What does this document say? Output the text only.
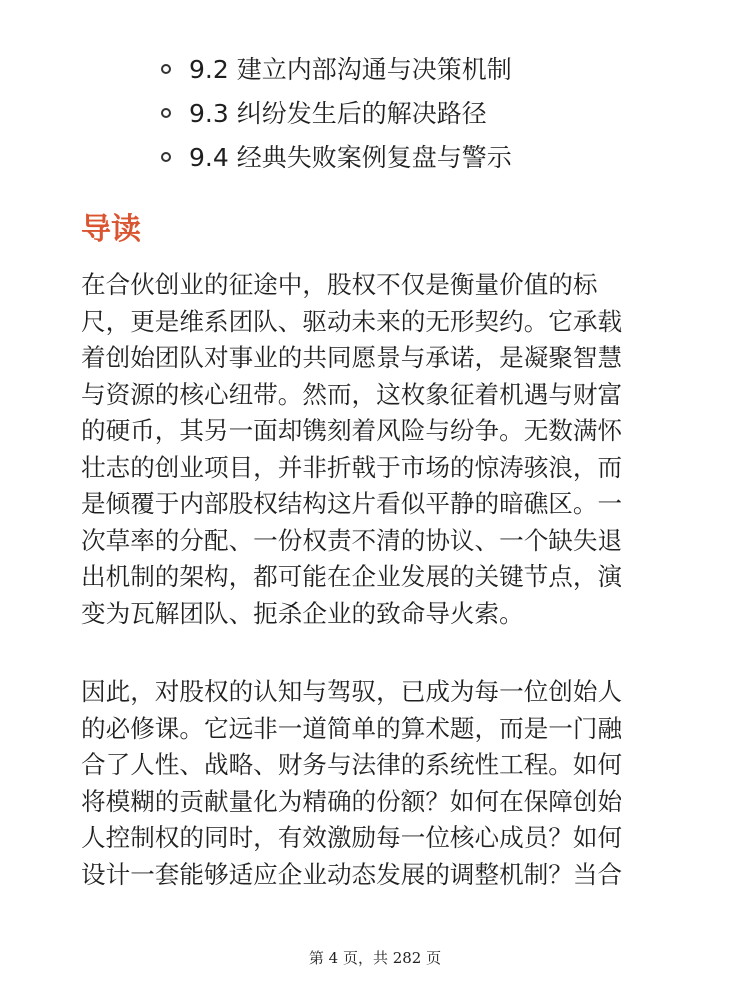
9.2 建立内部沟通与决策机制
9.3 纠纷发生后的解决路径
9.4 经典失败案例复盘与警示
导读
在合伙创业的征途中，股权不仅是衡量价值的标
尺，更是维系团队、驱动未来的无形契约。它承载
着创始团队对事业的共同愿景与承诺，是凝聚智慧
与资源的核心纽带。然而，这枚象征着机遇与财富
的硬币，其另一面却镌刻着风险与纷争。无数满怀
壮志的创业项目，并非折戟于市场的惊涛骇浪，而
是倾覆于内部股权结构这片看似平静的暗礁区。一
次草率的分配、一份权责不清的协议、一个缺失退
出机制的架构，都可能在企业发展的关键节点，演
变为瓦解团队、扼杀企业的致命导火索。
因此，对股权的认知与驾驭，已成为每一位创始人
的必修课。它远非一道简单的算术题，而是一门融
合了人性、战略、财务与法律的系统性工程。如何
将模糊的贡献量化为精确的份额？如何在保障创始
人控制权的同时，有效激励每一位核心成员？如何
设计一套能够适应企业动态发展的调整机制？当合
第 4 页，共 282 页
